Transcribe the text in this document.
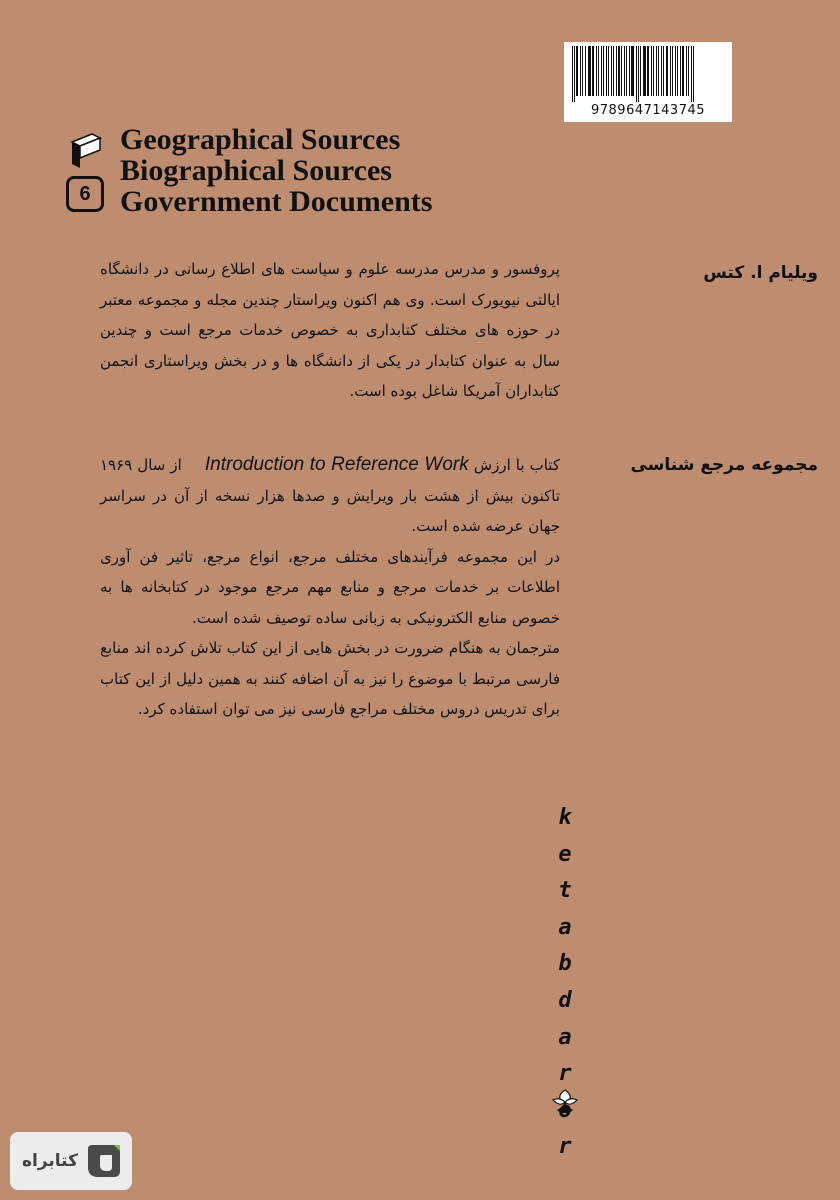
9789647143745
6
Geographical Sources
Biographical Sources
Government Documents
ویلیام ا. کتس

پروفسور و مدرس مدرسه علوم و سیاست های اطلاع رسانی در دانشگاه ایالتی نیویورک است. وی هم اکنون ویراستار چندین مجله و مجموعه معتبر در حوزه های مختلف کتابداری به خصوص خدمات مرجع است و چندین سال به عنوان کتابدار در یکی از دانشگاه ها و در بخش ویراستاری انجمن کتابداران آمریکا شاغل بوده است.

مجموعه مرجع شناسی

کتاب با ارزش Introduction to Reference Work از سال ۱۹۶۹ تاکنون بیش از هشت بار ویرایش و صدها هزار نسخه از آن در سراسر جهان عرضه شده است.

در این مجموعه فرآیندهای مختلف مرجع، انواع مرجع، تاثیر فن آوری اطلاعات بر خدمات مرجع و منابع مهم مرجع موجود در کتابخانه ها به خصوص منابع الکترونیکی به زبانی ساده توصیف شده است.

مترجمان به هنگام ضرورت در بخش هایی از این کتاب تلاش کرده اند منابع فارسی مرتبط با موضوع را نیز به آن اضافه کنند به همین دلیل از این کتاب برای تدریس دروس مختلف مراجع فارسی نیز می توان استفاده کرد.

k
e
t
a
b
d
a
r
r
کتابراه
